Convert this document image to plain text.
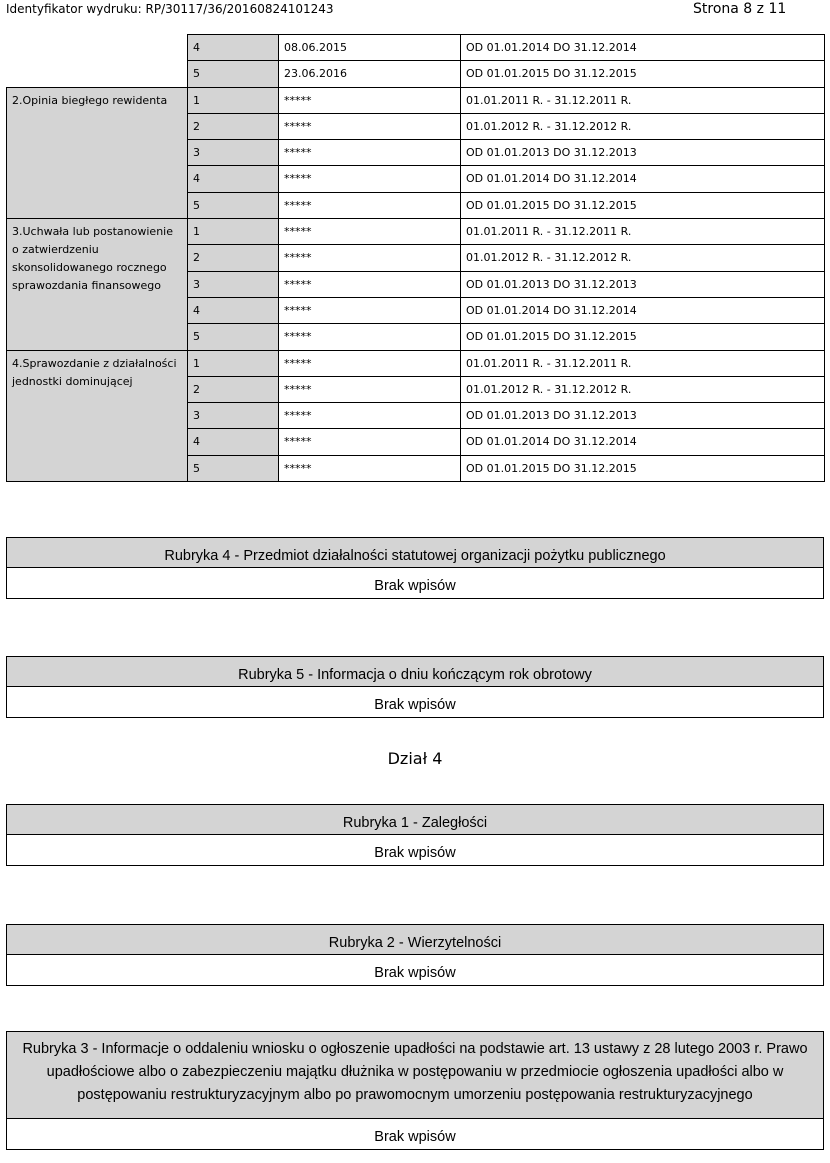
Identyfikator wydruku: RP/30117/36/20160824101243	Strona 8 z 11
	4	08.06.2015	OD 01.01.2014 DO 31.12.2014
	5	23.06.2016	OD 01.01.2015 DO 31.12.2015
2.Opinia biegłego rewidenta	1	*****	01.01.2011 R. - 31.12.2011 R.
	2	*****	01.01.2012 R. - 31.12.2012 R.
	3	*****	OD 01.01.2013 DO 31.12.2013
	4	*****	OD 01.01.2014 DO 31.12.2014
	5	*****	OD 01.01.2015 DO 31.12.2015
3.Uchwała lub postanowienie o zatwierdzeniu skonsolidowanego rocznego sprawozdania finansowego	1	*****	01.01.2011 R. - 31.12.2011 R.
	2	*****	01.01.2012 R. - 31.12.2012 R.
	3	*****	OD 01.01.2013 DO 31.12.2013
	4	*****	OD 01.01.2014 DO 31.12.2014
	5	*****	OD 01.01.2015 DO 31.12.2015
4.Sprawozdanie z działalności jednostki dominującej	1	*****	01.01.2011 R. - 31.12.2011 R.
	2	*****	01.01.2012 R. - 31.12.2012 R.
	3	*****	OD 01.01.2013 DO 31.12.2013
	4	*****	OD 01.01.2014 DO 31.12.2014
	5	*****	OD 01.01.2015 DO 31.12.2015
Rubryka 4 - Przedmiot działalności statutowej organizacji pożytku publicznego
Brak wpisów
Rubryka 5 - Informacja o dniu kończącym rok obrotowy
Brak wpisów
Dział 4
Rubryka 1 - Zaległości
Brak wpisów
Rubryka 2 - Wierzytelności
Brak wpisów
Rubryka 3 - Informacje o oddaleniu wniosku o ogłoszenie upadłości na podstawie art. 13 ustawy z 28 lutego 2003 r. Prawo upadłościowe albo o zabezpieczeniu majątku dłużnika w postępowaniu w przedmiocie ogłoszenia upadłości albo w postępowaniu restrukturyzacyjnym albo po prawomocnym umorzeniu postępowania restrukturyzacyjnego
Brak wpisów
